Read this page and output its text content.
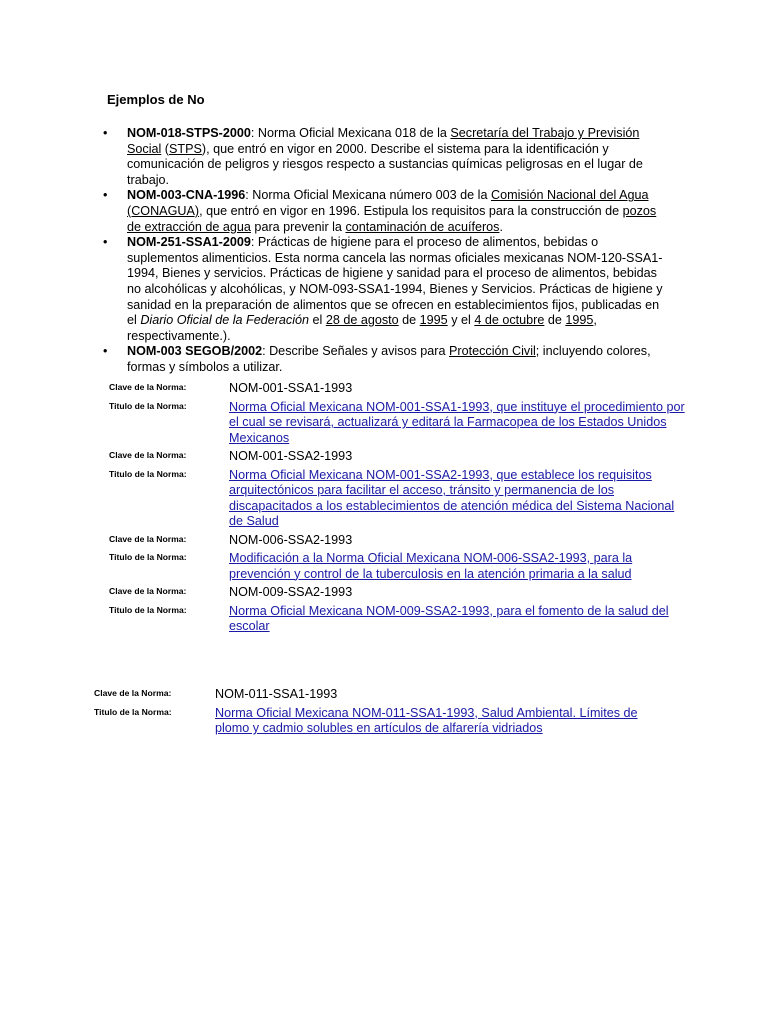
Ejemplos de No
• NOM-018-STPS-2000: Norma Oficial Mexicana 018 de la Secretaría del Trabajo y Previsión Social (STPS), que entró en vigor en 2000. Describe el sistema para la identificación y comunicación de peligros y riesgos respecto a sustancias químicas peligrosas en el lugar de trabajo.
• NOM-003-CNA-1996: Norma Oficial Mexicana número 003 de la Comisión Nacional del Agua (CONAGUA), que entró en vigor en 1996. Estipula los requisitos para la construcción de pozos de extracción de agua para prevenir la contaminación de acuíferos.
• NOM-251-SSA1-2009: Prácticas de higiene para el proceso de alimentos, bebidas o suplementos alimenticios. Esta norma cancela las normas oficiales mexicanas NOM-120-SSA1-1994, Bienes y servicios. Prácticas de higiene y sanidad para el proceso de alimentos, bebidas no alcohólicas y alcohólicas, y NOM-093-SSA1-1994, Bienes y Servicios. Prácticas de higiene y sanidad en la preparación de alimentos que se ofrecen en establecimientos fijos, publicadas en el Diario Oficial de la Federación el 28 de agosto de 1995 y el 4 de octubre de 1995, respectivamente.).
• NOM-003 SEGOB/2002: Describe Señales y avisos para Protección Civil; incluyendo colores, formas y símbolos a utilizar.
Clave de la Norma:	NOM-001-SSA1-1993
Titulo de la Norma:	Norma Oficial Mexicana NOM-001-SSA1-1993, que instituye el procedimiento por el cual se revisará, actualizará y editará la Farmacopea de los Estados Unidos Mexicanos
Clave de la Norma:	NOM-001-SSA2-1993
Titulo de la Norma:	Norma Oficial Mexicana NOM-001-SSA2-1993, que establece los requisitos arquitectónicos para facilitar el acceso, tránsito y permanencia de los discapacitados a los establecimientos de atención médica del Sistema Nacional de Salud
Clave de la Norma:	NOM-006-SSA2-1993
Titulo de la Norma:	Modificación a la Norma Oficial Mexicana NOM-006-SSA2-1993, para la prevención y control de la tuberculosis en la atención primaria a la salud
Clave de la Norma:	NOM-009-SSA2-1993
Titulo de la Norma:	Norma Oficial Mexicana NOM-009-SSA2-1993, para el fomento de la salud del escolar
Clave de la Norma:	NOM-011-SSA1-1993
Titulo de la Norma:	Norma Oficial Mexicana NOM-011-SSA1-1993, Salud Ambiental. Límites de plomo y cadmio solubles en artículos de alfarería vidriados
